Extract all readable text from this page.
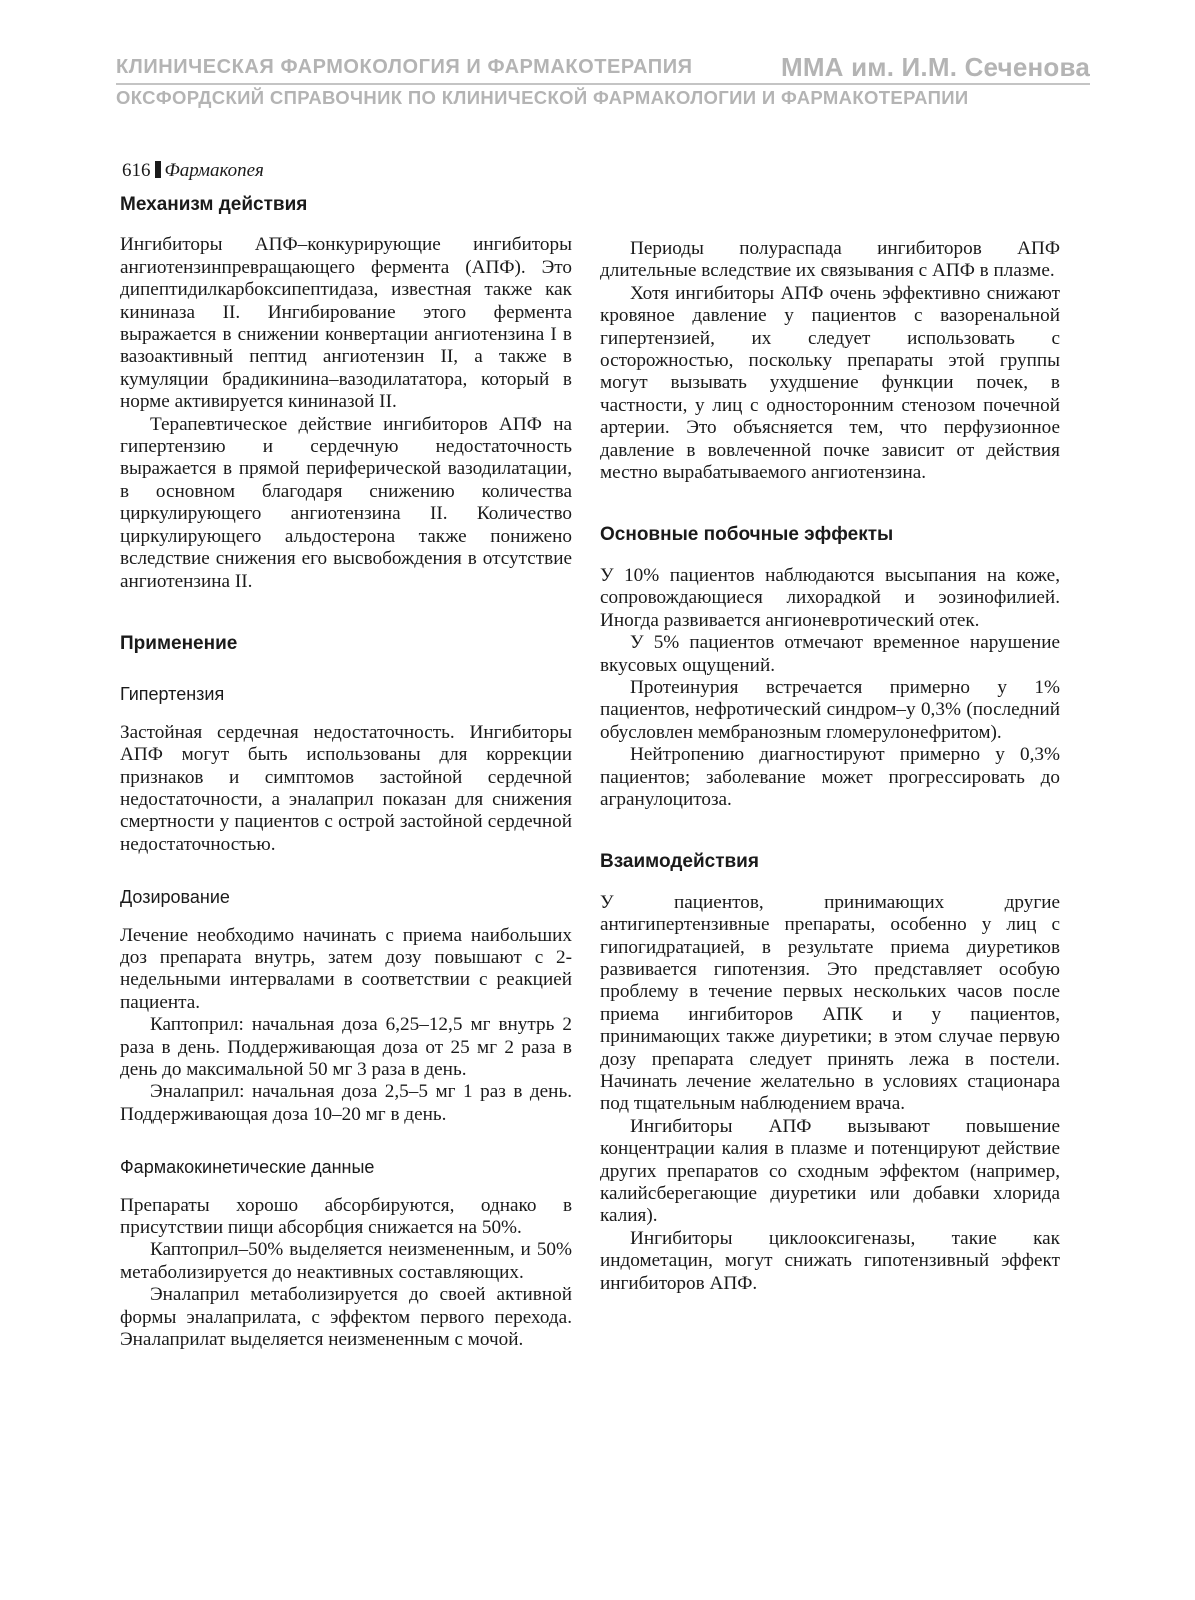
КЛИНИЧЕСКАЯ ФАРМОКОЛОГИЯ И ФАРМАКОТЕРАПИЯ	ММА им. И.М. Сеченова
ОКСФОРДСКИЙ СПРАВОЧНИК ПО КЛИНИЧЕСКОЙ ФАРМАКОЛОГИИ И ФАРМАКОТЕРАПИИ
616 Фармакопея
Механизм действия

Ингибиторы АПФ–конкурирующие ингибиторы ангиотензинпревращающего фермента (АПФ). Это дипептидилкарбоксипептидаза, известная также как кининаза II. Ингибирование этого фермента выражается в снижении конвертации ангиотензина I в вазоактивный пептид ангиотензин II, а также в кумуляции брадикинина–вазодилататора, который в норме активируется кининазой II.

Терапевтическое действие ингибиторов АПФ на гипертензию и сердечную недостаточность выражается в прямой периферической вазодилатации, в основном благодаря снижению количества циркулирующего ангиотензина II. Количество циркулирующего альдостерона также понижено вследствие снижения его высвобождения в отсутствие ангиотензина II.

Применение
Гипертензия

Застойная сердечная недостаточность. Ингибиторы АПФ могут быть использованы для коррекции признаков и симптомов застойной сердечной недостаточности, а эналаприл показан для снижения смертности у пациентов с острой застойной сердечной недостаточностью.

Дозирование

Лечение необходимо начинать с приема наибольших доз препарата внутрь, затем дозу повышают с 2-недельными интервалами в соответствии с реакцией пациента.

Каптоприл: начальная доза 6,25–12,5 мг внутрь 2 раза в день. Поддерживающая доза от 25 мг 2 раза в день до максимальной 50 мг 3 раза в день.

Эналаприл: начальная доза 2,5–5 мг 1 раз в день. Поддерживающая доза 10–20 мг в день.

Фармакокинетические данные

Препараты хорошо абсорбируются, однако в присутствии пищи абсорбция снижается на 50%.

Каптоприл–50% выделяется неизмененным, и 50% метаболизируется до неактивных составляющих.

Эналаприл метаболизируется до своей активной формы эналаприлата, с эффектом первого перехода. Эналаприлат выделяется неизмененным с мочой.

Периоды полураспада ингибиторов АПФ длительные вследствие их связывания с АПФ в плазме.

Хотя ингибиторы АПФ очень эффективно снижают кровяное давление у пациентов с вазоренальной гипертензией, их следует использовать с осторожностью, поскольку препараты этой группы могут вызывать ухудшение функции почек, в частности, у лиц с односторонним стенозом почечной артерии. Это объясняется тем, что перфузионное давление в вовлеченной почке зависит от действия местно вырабатываемого ангиотензина.

Основные побочные эффекты

У 10% пациентов наблюдаются высыпания на коже, сопровождающиеся лихорадкой и эозинофилией. Иногда развивается ангионевротический отек.

У 5% пациентов отмечают временное нарушение вкусовых ощущений.

Протеинурия встречается примерно у 1% пациентов, нефротический синдром–у 0,3% (последний обусловлен мембранозным гломерулонефритом).

Нейтропению диагностируют примерно у 0,3% пациентов; заболевание может прогрессировать до агранулоцитоза.

Взаимодействия

У пациентов, принимающих другие антигипертензивные препараты, особенно у лиц с гипогидратацией, в результате приема диуретиков развивается гипотензия. Это представляет особую проблему в течение первых нескольких часов после приема ингибиторов АПК и у пациентов, принимающих также диуретики; в этом случае первую дозу препарата следует принять лежа в постели. Начинать лечение желательно в условиях стационара под тщательным наблюдением врача.

Ингибиторы АПФ вызывают повышение концентрации калия в плазме и потенцируют действие других препаратов со сходным эффектом (например, калийсберегающие диуретики или добавки хлорида калия).

Ингибиторы циклооксигеназы, такие как индометацин, могут снижать гипотензивный эффект ингибиторов АПФ.
